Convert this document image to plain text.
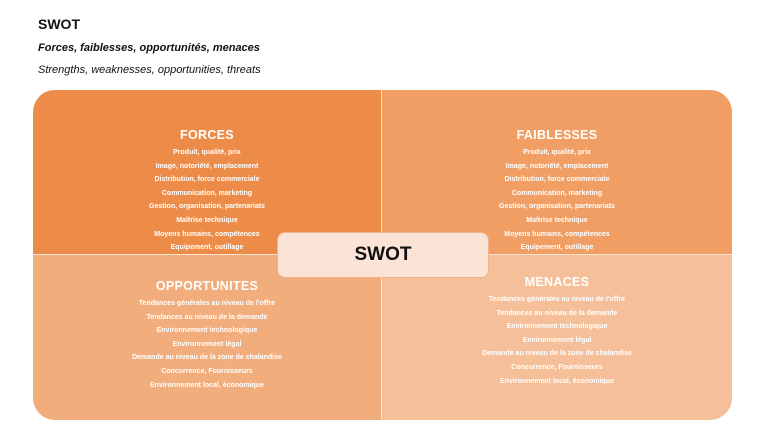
SWOT
Forces, faiblesses, opportunités, menaces
Strengths, weaknesses, opportunities, threats
FORCES
Produit, qualité, prix
Image, notoriété, emplacement
Distribution, force commerciale
Communication, marketing
Gestion, organisation, partenariats
Maîtrise technique
Moyens humains, compétences
Equipement, outillage
FAIBLESSES
Produit, qualité, prix
Image, notoriété, emplacement
Distribution, force commerciale
Communication, marketing
Gestion, organisation, partenariats
Maîtrise technique
Moyens humains, compétences
Equipement, outillage
OPPORTUNITES
Tendances générales au niveau de l'offre
Tendances au niveau de la demande
Environnement technologique
Environnement légal
Demande au niveau de la zone de chalandise
Concurrence, Fournisseurs
Environnement local, économique
MENACES
Tendances générales au niveau de l'offre
Tendances au niveau de la demande
Environnement technologique
Environnement légal
Demande au niveau de la zone de chalandise
Concurrence, Fournisseurs
Environnement local, économique
SWOT
